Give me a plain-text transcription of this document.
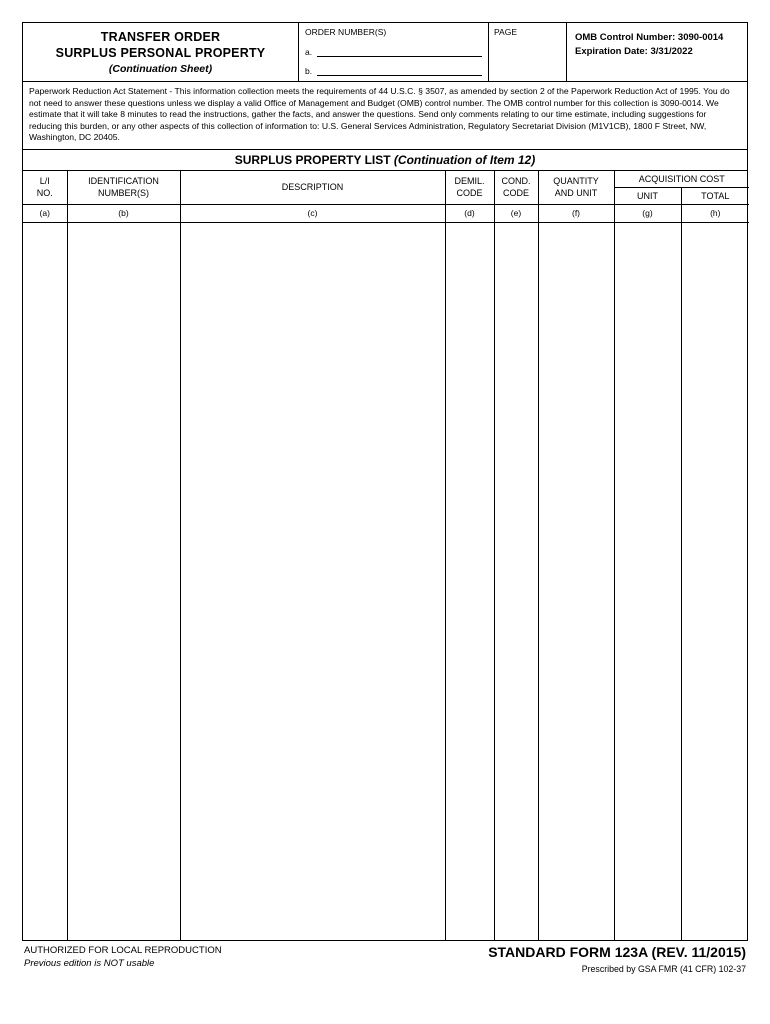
TRANSFER ORDER
SURPLUS PERSONAL PROPERTY
(Continuation Sheet)
ORDER NUMBER(S)
a.
b.
PAGE	OMB Control Number: 3090-0014
Expiration Date: 3/31/2022

Paperwork Reduction Act Statement - This information collection meets the requirements of 44 U.S.C. § 3507, as amended by section 2 of the Paperwork Reduction Act of 1995. You do not need to answer these questions unless we display a valid Office of Management and Budget (OMB) control number. The OMB control number for this collection is 3090-0014. We estimate that it will take 8 minutes to read the instructions, gather the facts, and answer the questions. Send only comments relating to our time estimate, including suggestions for reducing this burden, or any other aspects of this collection of information to: U.S. General Services Administration, Regulatory Secretariat Division (M1V1CB), 1800 F Street, NW, Washington, DC 20405.

SURPLUS PROPERTY LIST (Continuation of Item 12)
L/I
NO.

IDENTIFICATION
NUMBER(S)

DESCRIPTION

DEMIL.
CODE

COND.
CODE

QUANTITY
AND UNIT
	ACQUISITION COST
						UNIT	TOTAL
(a)	(b)	(c)	(d)	(e)	(f)	(g)	(h)

AUTHORIZED FOR LOCAL REPRODUCTION
Previous edition is NOT usable
STANDARD FORM 123A (REV. 11/2015)
Prescribed by GSA FMR (41 CFR) 102-37
